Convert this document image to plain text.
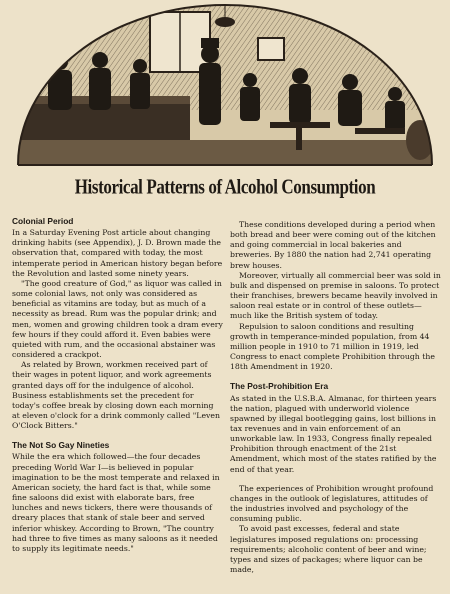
Historical Patterns of Alcohol Consumption
Colonial Period

In a Saturday Evening Post article about changing drinking habits (see Appendix), J. D. Brown made the observation that, compared with today, the most intemperate period in American history began before the Revolution and lasted some ninety years.

"The good creature of God," as liquor was called in some colonial laws, not only was considered as beneficial as vitamins are today, but as much of a necessity as bread. Rum was the popular drink; and men, women and growing children took a dram every few hours if they could afford it. Even babies were quieted with rum, and the occasional abstainer was considered a crackpot.

As related by Brown, workmen received part of their wages in potent liquor, and work agreements granted days off for the indulgence of alcohol. Business establishments set the precedent for today's coffee break by closing down each morning at eleven o'clock for a drink commonly called "Leven O'Clock Bitters."

The Not So Gay Nineties

While the era which followed—the four decades preceding World War I—is believed in popular imagination to be the most temperate and relaxed in American society, the hard fact is that, while some fine saloons did exist with elaborate bars, free lunches and news tickers, there were thousands of dreary places that stank of stale beer and served inferior whiskey. According to Brown, "The country had three to five times as many saloons as it needed to supply its legitimate needs."

These conditions developed during a period when both bread and beer were coming out of the kitchen and going commercial in local bakeries and breweries. By 1880 the nation had 2,741 operating brew houses.

Moreover, virtually all commercial beer was sold in bulk and dispensed on premise in saloons. To protect their franchises, brewers became heavily involved in saloon real estate or in control of these outlets—much like the British system of today.

Repulsion to saloon conditions and resulting growth in temperance-minded population, from 44 million people in 1910 to 71 million in 1919, led Congress to enact complete Prohibition through the 18th Amendment in 1920.

The Post-Prohibition Era

As stated in the U.S.B.A. Almanac, for thirteen years the nation, plagued with underworld violence spawned by illegal bootlegging gains, lost billions in tax revenues and in vain enforcement of an unworkable law. In 1933, Congress finally repealed Prohibition through enactment of the 21st Amendment, which most of the states ratified by the end of that year.

The experiences of Prohibition wrought profound changes in the outlook of legislatures, attitudes of the industries involved and psychology of the consuming public.

To avoid past excesses, federal and state legislatures imposed regulations on: processing requirements; alcoholic content of beer and wine; types and sizes of packages; where liquor can be made,
